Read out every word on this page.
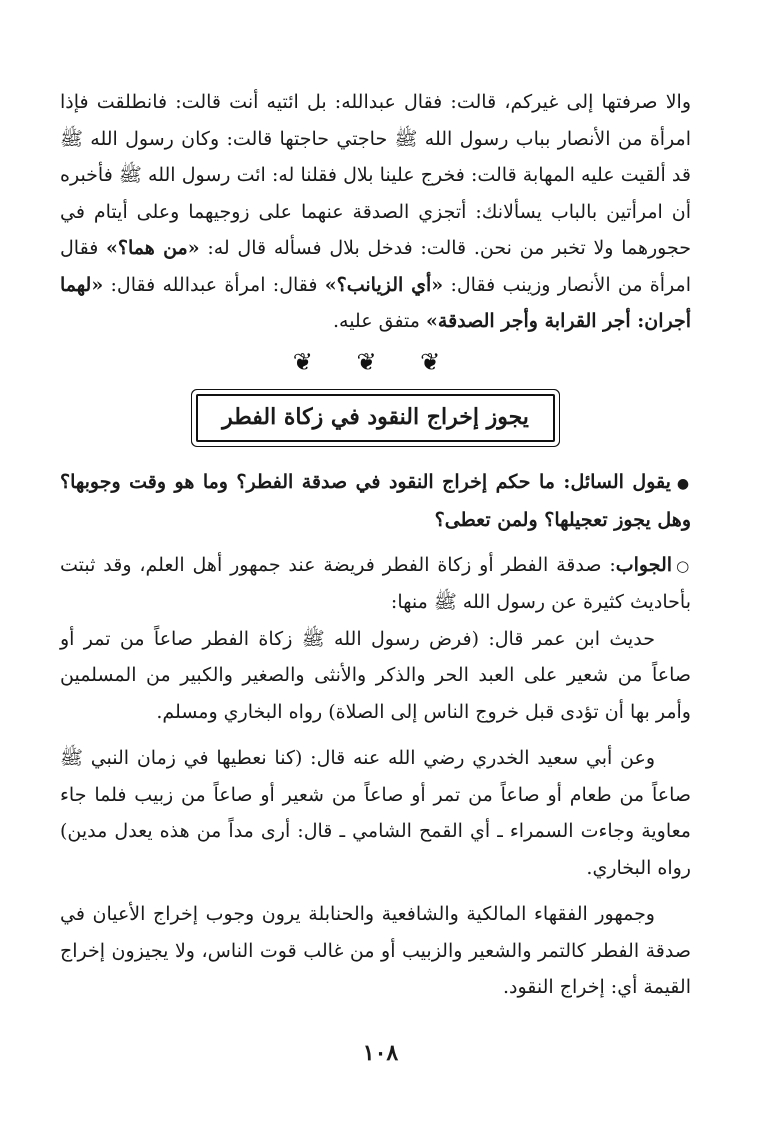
والا صرفتها إلى غيركم، قالت: فقال عبدالله: بل ائتيه أنت قالت: فانطلقت فإذا امرأة من الأنصار بباب رسول الله ﷺ حاجتي حاجتها قالت: وكان رسول الله ﷺ قد ألقيت عليه المهابة قالت: فخرج علينا بلال فقلنا له: ائت رسول الله ﷺ فأخبره أن امرأتين بالباب يسألانك: أتجزي الصدقة عنهما على زوجيهما وعلى أيتام في حجورهما ولا تخبر من نحن. قالت: فدخل بلال فسأله قال له: «من هما؟» فقال امرأة من الأنصار وزينب فقال: «أي الزيانب؟» فقال: امرأة عبدالله فقال: «لهما أجران: أجر القرابة وأجر الصدقة» متفق عليه.

❦ ❦ ❦
يجوز إخراج النقود في زكاة الفطر

●يقول السائل: ما حكم إخراج النقود في صدقة الفطر؟ وما هو وقت وجوبها؟ وهل يجوز تعجيلها؟ ولمن تعطى؟

○الجواب: صدقة الفطر أو زكاة الفطر فريضة عند جمهور أهل العلم، وقد ثبتت بأحاديث كثيرة عن رسول الله ﷺ منها:

حديث ابن عمر قال: (فرض رسول الله ﷺ زكاة الفطر صاعاً من تمر أو صاعاً من شعير على العبد الحر والذكر والأنثى والصغير والكبير من المسلمين وأمر بها أن تؤدى قبل خروج الناس إلى الصلاة) رواه البخاري ومسلم.

وعن أبي سعيد الخدري رضي الله عنه قال: (كنا نعطيها في زمان النبي ﷺ صاعاً من طعام أو صاعاً من تمر أو صاعاً من شعير أو صاعاً من زبيب فلما جاء معاوية وجاءت السمراء ـ أي القمح الشامي ـ قال: أرى مداً من هذه يعدل مدين) رواه البخاري.

وجمهور الفقهاء المالكية والشافعية والحنابلة يرون وجوب إخراج الأعيان في صدقة الفطر كالتمر والشعير والزبيب أو من غالب قوت الناس، ولا يجيزون إخراج القيمة أي: إخراج النقود.

١٠٨
